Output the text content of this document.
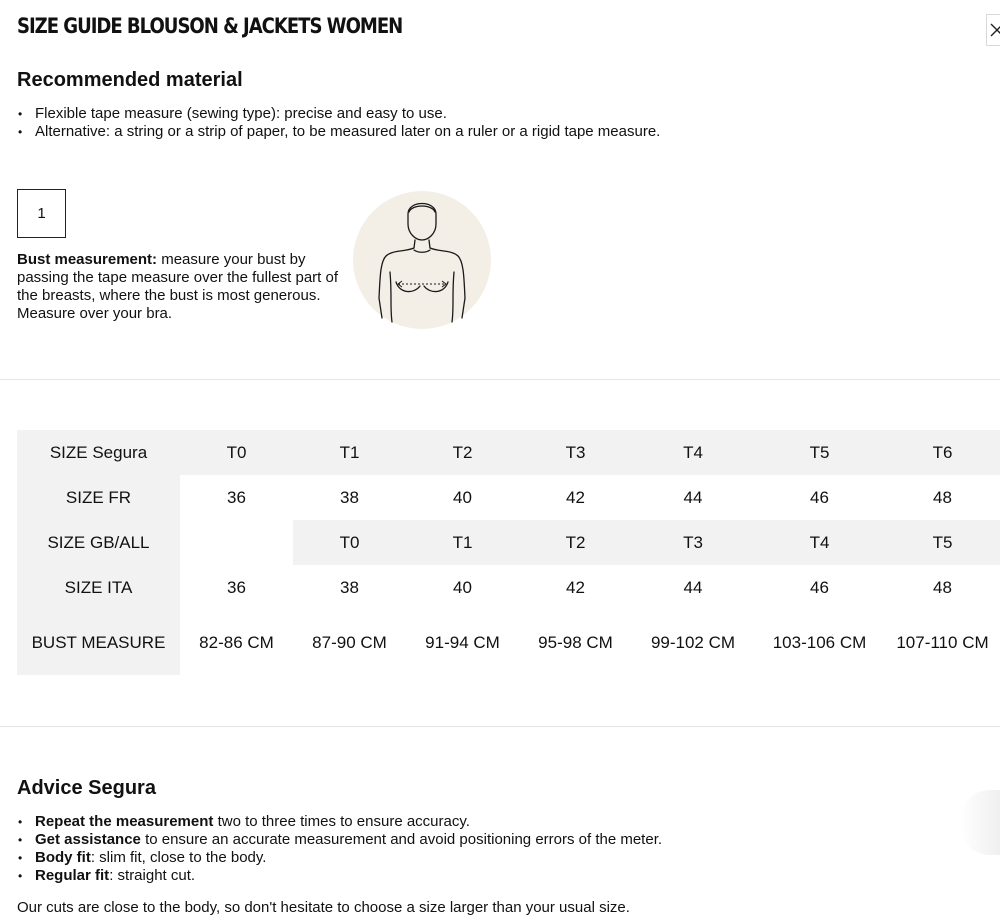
SIZE GUIDE BLOUSON & JACKETS WOMEN
Recommended material
• Flexible tape measure (sewing type): precise and easy to use.
• Alternative: a string or a strip of paper, to be measured later on a ruler or a rigid tape measure.
1

Bust measurement: measure your bust by passing the tape measure over the fullest part of the breasts, where the bust is most generous. Measure over your bra.

SIZE Segura	T0	T1	T2	T3	T4	T5	T6
SIZE FR	36	38	40	42	44	46	48
SIZE GB/ALL		T0	T1	T2	T3	T4	T5
SIZE ITA	36	38	40	42	44	46	48
BUST MEASURE	82-86 CM	87-90 CM	91-94 CM	95-98 CM	99-102 CM	103-106 CM	107-110 CM
Advice Segura
• Repeat the measurement two to three times to ensure accuracy.
• Get assistance to ensure an accurate measurement and avoid positioning errors of the meter.
• Body fit: slim fit, close to the body.
• Regular fit: straight cut.

Our cuts are close to the body, so don't hesitate to choose a size larger than your usual size.
